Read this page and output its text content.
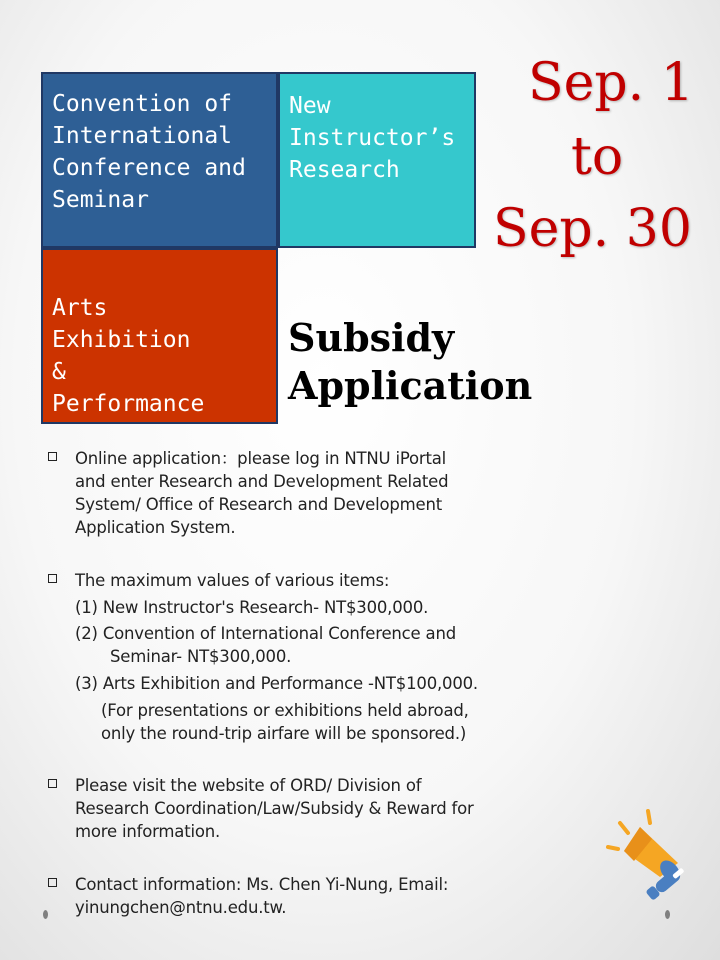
Convention of
International
Conference and
Seminar
New
Instructor’s
Research
Arts
Exhibition
&
Performance
Sep. 1
to
Sep. 30
Subsidy
Application
Online application：please log in NTNU iPortal
and enter Research and Development Related
System/ Office of Research and Development
Application System.
The maximum values of various items:
(1) New Instructor's Research- NT$300,000.
(2) Convention of International Conference and
Seminar- NT$300,000.
(3) Arts Exhibition and Performance -NT$100,000.
(For presentations or exhibitions held abroad,
only the round-trip airfare will be sponsored.)
Please visit the website of ORD/ Division of
Research Coordination/Law/Subsidy & Reward for
more information.
Contact information: Ms. Chen Yi-Nung, Email:
yinungchen@ntnu.edu.tw.
